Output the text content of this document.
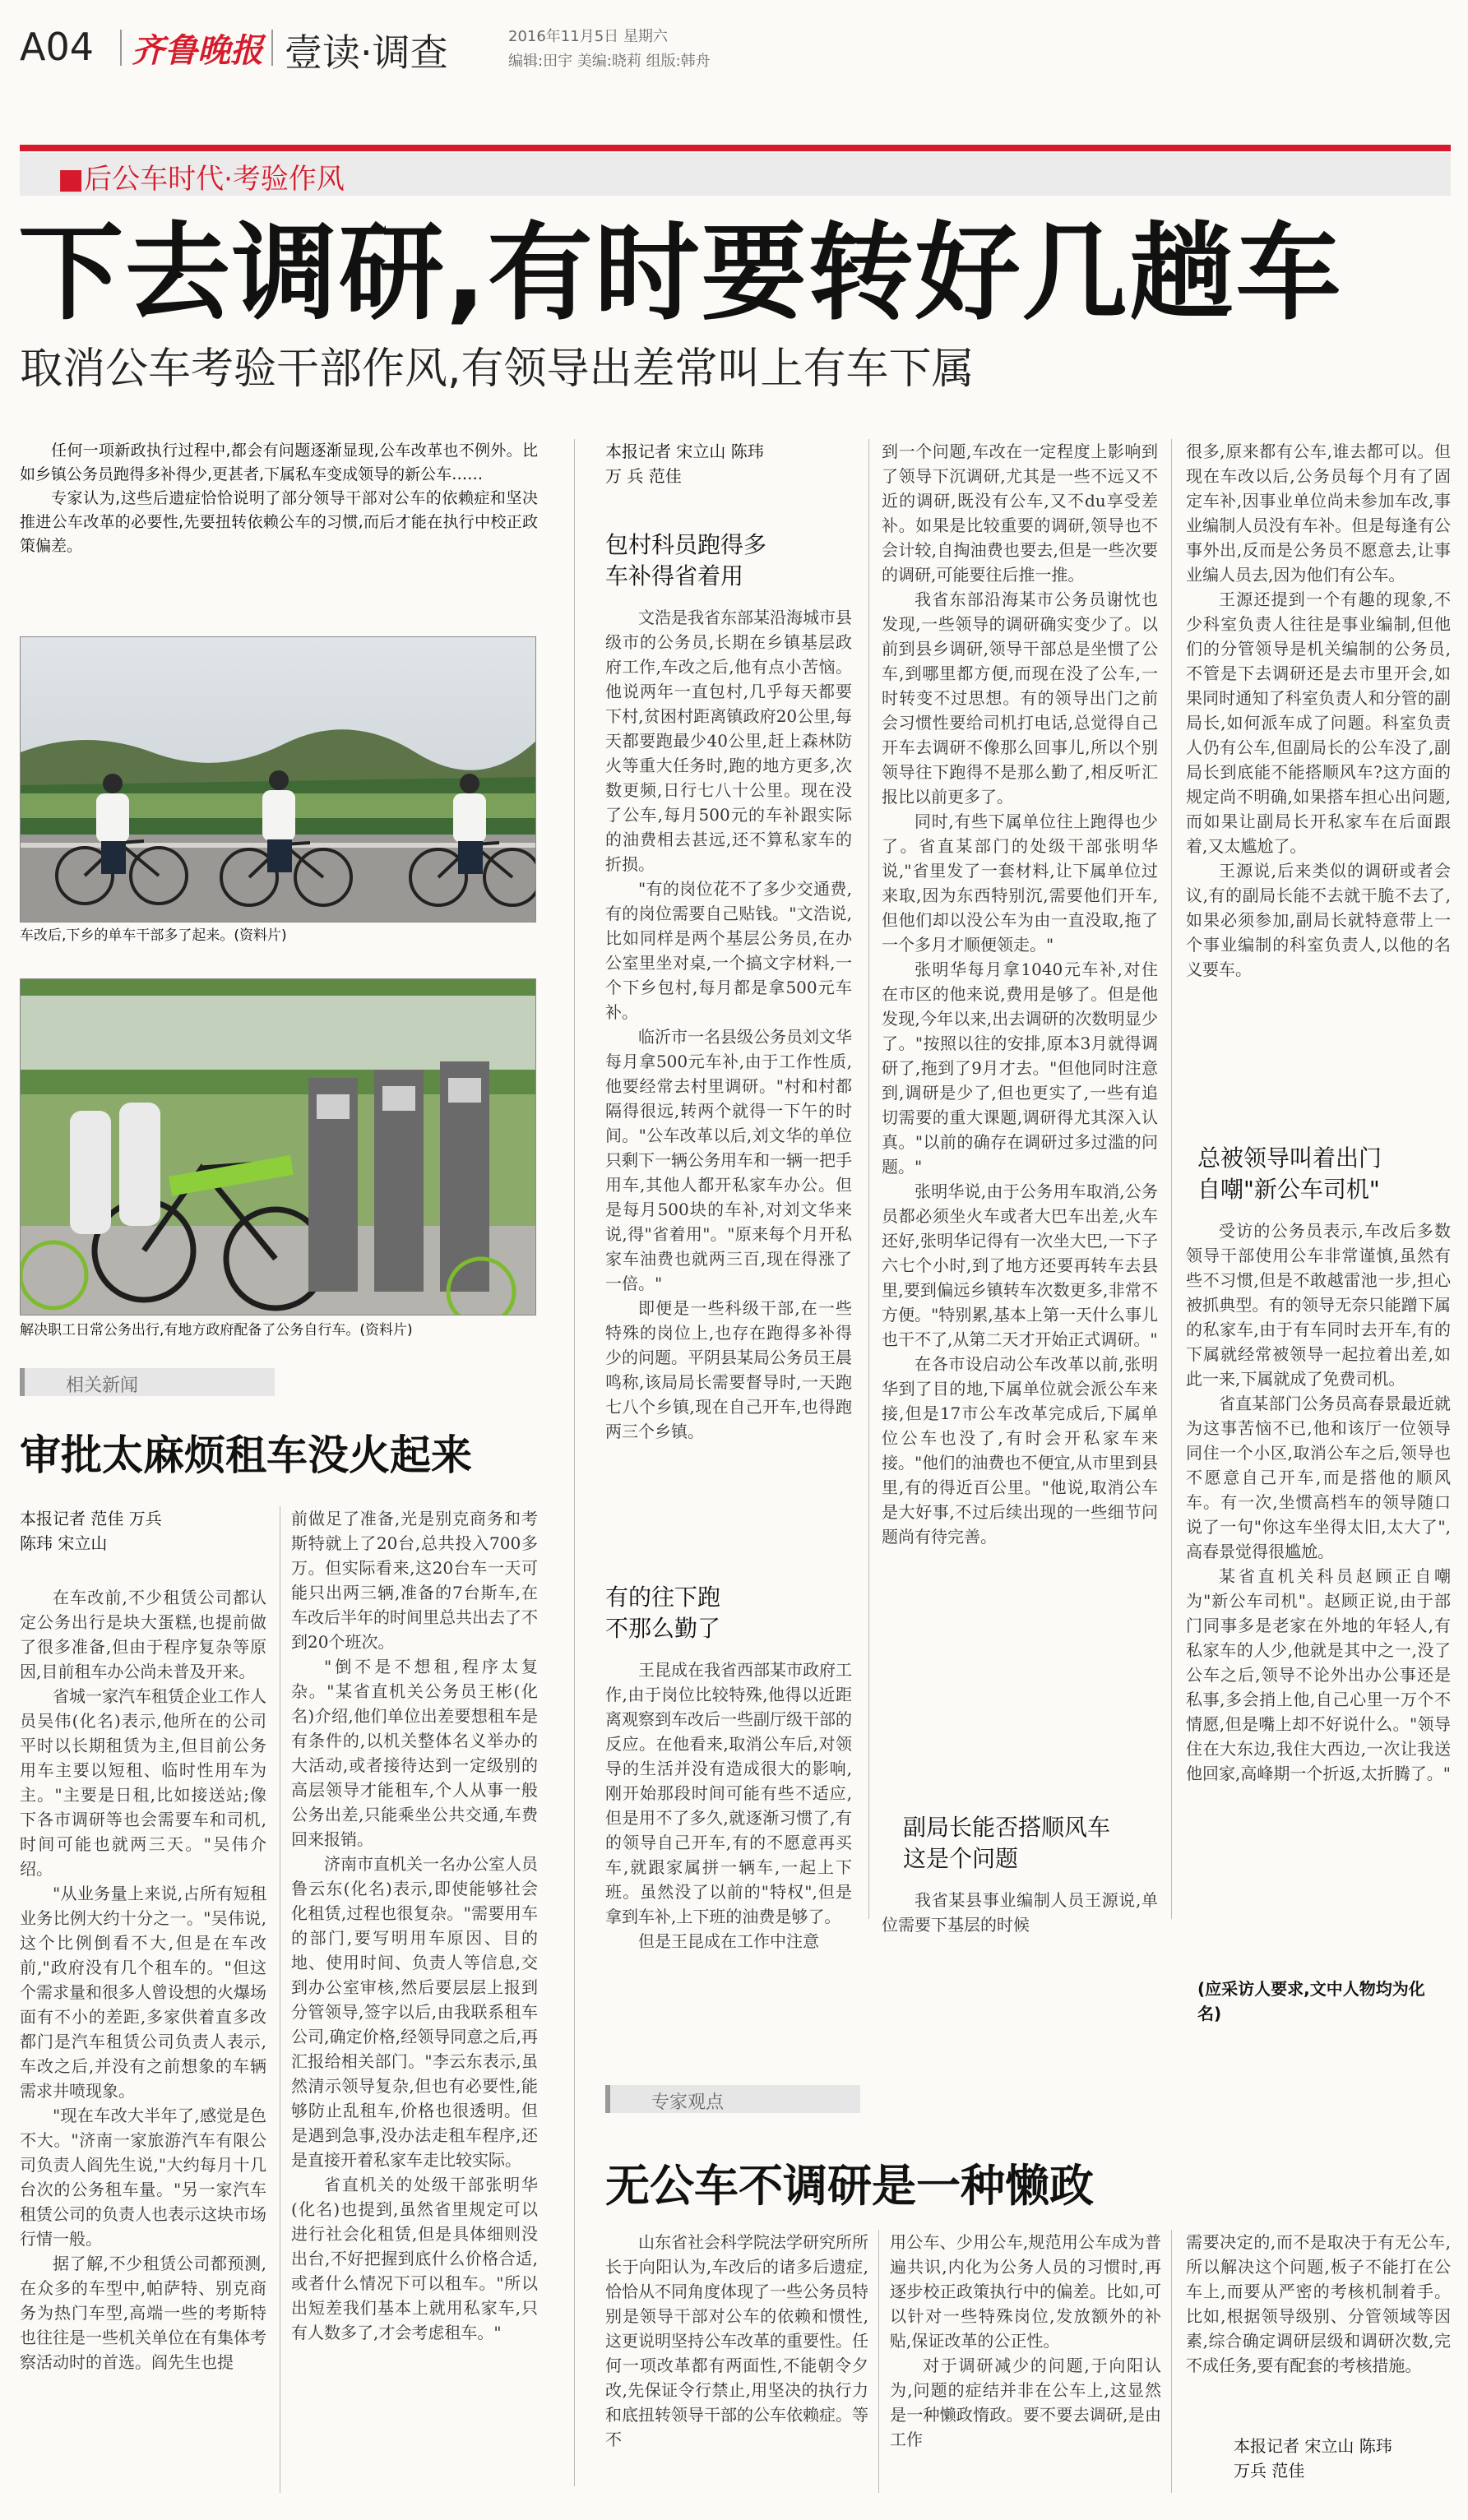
A04 齐鲁晚报 壹读·调查	2016年11月5日 星期六
编辑:田宇 美编:晓莉 组版:韩舟
■后公车时代·考验作风
下去调研,有时要转好几趟车
取消公车考验干部作风,有领导出差常叫上有车下属

任何一项新政执行过程中,都会有问题逐渐显现,公车改革也不例外。比如乡镇公务员跑得多补得少,更甚者,下属私车变成领导的新公车……

专家认为,这些后遗症恰恰说明了部分领导干部对公车的依赖症和坚决推进公车改革的必要性,先要扭转依赖公车的习惯,而后才能在执行中校正政策偏差。

车改后,下乡的单车干部多了起来。(资料片)
解决职工日常公务出行,有地方政府配备了公务自行车。(资料片)
相关新闻
审批太麻烦租车没火起来
本报记者 范佳 万兵
陈玮 宋立山

在车改前,不少租赁公司都认定公务出行是块大蛋糕,也提前做了很多准备,但由于程序复杂等原因,目前租车办公尚未普及开来。

省城一家汽车租赁企业工作人员吴伟(化名)表示,他所在的公司平时以长期租赁为主,但目前公务用车主要以短租、临时性用车为主。"主要是日租,比如接送站;像下各市调研等也会需要车和司机,时间可能也就两三天。"吴伟介绍。

"从业务量上来说,占所有短租业务比例大约十分之一。"吴伟说,这个比例倒看不大,但是在车改前,"政府没有几个租车的。"但这个需求量和很多人曾设想的火爆场面有不小的差距,多家供着直多改都门是汽车租赁公司负责人表示,车改之后,并没有之前想象的车辆需求井喷现象。

"现在车改大半年了,感觉是色不大。"济南一家旅游汽车有限公司负责人阎先生说,"大约每月十几台次的公务租车量。"另一家汽车租赁公司的负责人也表示这块市场行情一般。

据了解,不少租赁公司都预测,在众多的车型中,帕萨特、别克商务为热门车型,高端一些的考斯特也往往是一些机关单位在有集体考察活动时的首选。阎先生也提

前做足了准备,光是别克商务和考斯特就上了20台,总共投入700多万。但实际看来,这20台车一天可能只出两三辆,准备的7台斯车,在车改后半年的时间里总共出去了不到20个班次。

"倒不是不想租,程序太复杂。"某省直机关公务员王彬(化名)介绍,他们单位出差要想租车是有条件的,以机关整体名义举办的大活动,或者接待达到一定级别的高层领导才能租车,个人从事一般公务出差,只能乘坐公共交通,车费回来报销。

济南市直机关一名办公室人员鲁云东(化名)表示,即使能够社会化租赁,过程也很复杂。"需要用车的部门,要写明用车原因、目的地、使用时间、负责人等信息,交到办公室审核,然后要层层上报到分管领导,签字以后,由我联系租车公司,确定价格,经领导同意之后,再汇报给相关部门。"李云东表示,虽然清示领导复杂,但也有必要性,能够防止乱租车,价格也很透明。但是遇到急事,没办法走租车程序,还是直接开着私家车走比较实际。

省直机关的处级干部张明华(化名)也提到,虽然省里规定可以进行社会化租赁,但是具体细则没出台,不好把握到底什么价格合适,或者什么情况下可以租车。"所以出短差我们基本上就用私家车,只有人数多了,才会考虑租车。"

本报记者 宋立山 陈玮
万 兵 范佳
包村科员跑得多
车补得省着用

文浩是我省东部某沿海城市县级市的公务员,长期在乡镇基层政府工作,车改之后,他有点小苦恼。他说两年一直包村,几乎每天都要下村,贫困村距离镇政府20公里,每天都要跑最少40公里,赶上森林防火等重大任务时,跑的地方更多,次数更频,日行七八十公里。现在没了公车,每月500元的车补跟实际的油费相去甚远,还不算私家车的折损。

"有的岗位花不了多少交通费,有的岗位需要自己贴钱。"文浩说,比如同样是两个基层公务员,在办公室里坐对桌,一个搞文字材料,一个下乡包村,每月都是拿500元车补。

临沂市一名县级公务员刘文华每月拿500元车补,由于工作性质,他要经常去村里调研。"村和村都隔得很远,转两个就得一下午的时间。"公车改革以后,刘文华的单位只剩下一辆公务用车和一辆一把手用车,其他人都开私家车办公。但是每月500块的车补,对刘文华来说,得"省着用"。"原来每个月开私家车油费也就两三百,现在得涨了一倍。"

即便是一些科级干部,在一些特殊的岗位上,也存在跑得多补得少的问题。平阴县某局公务员王晨鸣称,该局局长需要督导时,一天跑七八个乡镇,现在自己开车,也得跑两三个乡镇。

有的往下跑
不那么勤了

王昆成在我省西部某市政府工作,由于岗位比较特殊,他得以近距离观察到车改后一些副厅级干部的反应。在他看来,取消公车后,对领导的生活并没有造成很大的影响,刚开始那段时间可能有些不适应,但是用不了多久,就逐渐习惯了,有的领导自己开车,有的不愿意再买车,就跟家属拼一辆车,一起上下班。虽然没了以前的"特权",但是拿到车补,上下班的油费是够了。

但是王昆成在工作中注意

到一个问题,车改在一定程度上影响到了领导下沉调研,尤其是一些不远又不近的调研,既没有公车,又不du享受差补。如果是比较重要的调研,领导也不会计较,自掏油费也要去,但是一些次要的调研,可能要往后推一推。

我省东部沿海某市公务员谢忱也发现,一些领导的调研确实变少了。以前到县乡调研,领导干部总是坐惯了公车,到哪里都方便,而现在没了公车,一时转变不过思想。有的领导出门之前会习惯性要给司机打电话,总觉得自己开车去调研不像那么回事儿,所以个别领导往下跑得不是那么勤了,相反听汇报比以前更多了。

同时,有些下属单位往上跑得也少了。省直某部门的处级干部张明华说,"省里发了一套材料,让下属单位过来取,因为东西特别沉,需要他们开车,但他们却以没公车为由一直没取,拖了一个多月才顺便领走。"

张明华每月拿1040元车补,对住在市区的他来说,费用是够了。但是他发现,今年以来,出去调研的次数明显少了。"按照以往的安排,原本3月就得调研了,拖到了9月才去。"但他同时注意到,调研是少了,但也更实了,一些有追切需要的重大课题,调研得尤其深入认真。"以前的确存在调研过多过滥的问题。"

张明华说,由于公务用车取消,公务员都必须坐火车或者大巴车出差,火车还好,张明华记得有一次坐大巴,一下子六七个小时,到了地方还要再转车去县里,要到偏远乡镇转车次数更多,非常不方便。"特别累,基本上第一天什么事儿也干不了,从第二天才开始正式调研。"

在各市设启动公车改革以前,张明华到了目的地,下属单位就会派公车来接,但是17市公车改革完成后,下属单位公车也没了,有时会开私家车来接。"他们的油费也不便宜,从市里到县里,有的得近百公里。"他说,取消公车是大好事,不过后续出现的一些细节问题尚有待完善。

副局长能否搭顺风车
这是个问题

我省某县事业编制人员王源说,单位需要下基层的时候

很多,原来都有公车,谁去都可以。但现在车改以后,公务员每个月有了固定车补,因事业单位尚未参加车改,事业编制人员没有车补。但是每逢有公事外出,反而是公务员不愿意去,让事业编人员去,因为他们有公车。

王源还提到一个有趣的现象,不少科室负责人往往是事业编制,但他们的分管领导是机关编制的公务员,不管是下去调研还是去市里开会,如果同时通知了科室负责人和分管的副局长,如何派车成了问题。科室负责人仍有公车,但副局长的公车没了,副局长到底能不能搭顺风车?这方面的规定尚不明确,如果搭车担心出问题,而如果让副局长开私家车在后面跟着,又太尴尬了。

王源说,后来类似的调研或者会议,有的副局长能不去就干脆不去了,如果必须参加,副局长就特意带上一个事业编制的科室负责人,以他的名义要车。

总被领导叫着出门
自嘲"新公车司机"

受访的公务员表示,车改后多数领导干部使用公车非常谨慎,虽然有些不习惯,但是不敢越雷池一步,担心被抓典型。有的领导无奈只能蹭下属的私家车,由于有车同时去开车,有的下属就经常被领导一起拉着出差,如此一来,下属就成了免费司机。

省直某部门公务员高春景最近就为这事苦恼不已,他和该厅一位领导同住一个小区,取消公车之后,领导也不愿意自己开车,而是搭他的顺风车。有一次,坐惯高档车的领导随口说了一句"你这车坐得太旧,太大了",高春景觉得很尴尬。

某省直机关科员赵顾正自嘲为"新公车司机"。赵顾正说,由于部门同事多是老家在外地的年轻人,有私家车的人少,他就是其中之一,没了公车之后,领导不论外出办公事还是私事,多会捎上他,自己心里一万个不情愿,但是嘴上却不好说什么。"领导住在大东边,我住大西边,一次让我送他回家,高峰期一个折返,太折腾了。"

(应采访人要求,文中人物均为化名)
专家观点
无公车不调研是一种懒政

山东省社会科学院法学研究所所长于向阳认为,车改后的诸多后遗症,恰恰从不同角度体现了一些公务员特别是领导干部对公车的依赖和惯性,这更说明坚持公车改革的重要性。任何一项改革都有两面性,不能朝令夕改,先保证令行禁止,用坚决的执行力和底扭转领导干部的公车依赖症。等不

用公车、少用公车,规范用公车成为普遍共识,内化为公务人员的习惯时,再逐步校正政策执行中的偏差。比如,可以针对一些特殊岗位,发放额外的补贴,保证改革的公正性。

对于调研减少的问题,于向阳认为,问题的症结并非在公车上,这显然是一种懒政惰政。要不要去调研,是由工作

需要决定的,而不是取决于有无公车,所以解决这个问题,板子不能打在公车上,而要从严密的考核机制着手。比如,根据领导级别、分管领域等因素,综合确定调研层级和调研次数,完不成任务,要有配套的考核措施。

本报记者 宋立山 陈玮
万兵 范佳
